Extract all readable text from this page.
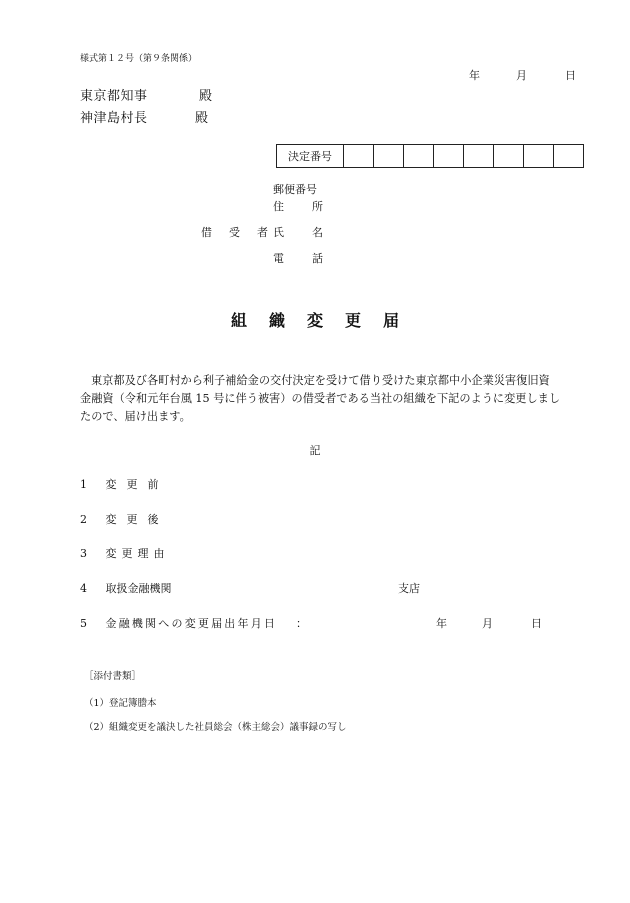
様式第１２号（第９条関係）
年	月	日
東京都知事	殿
神津島村長	殿
決定番号								
郵便番号
住　　所
借　受　者 氏　　名
電　　話
組織変更届

東京都及び各町村から利子補給金の交付決定を受けて借り受けた東京都中小企業災害復旧資

金融資（令和元年台風 15 号に伴う被害）の借受者である当社の組織を下記のように変更しまし

たので、届け出ます。

記
1 変更前
2 変更後
3 変更理由
4 取扱金融機関	支店
5 金融機関への変更届出年月日 ：	年	月	日
［添付書類］
（1）登記簿謄本
（2）組織変更を議決した社員総会（株主総会）議事録の写し
